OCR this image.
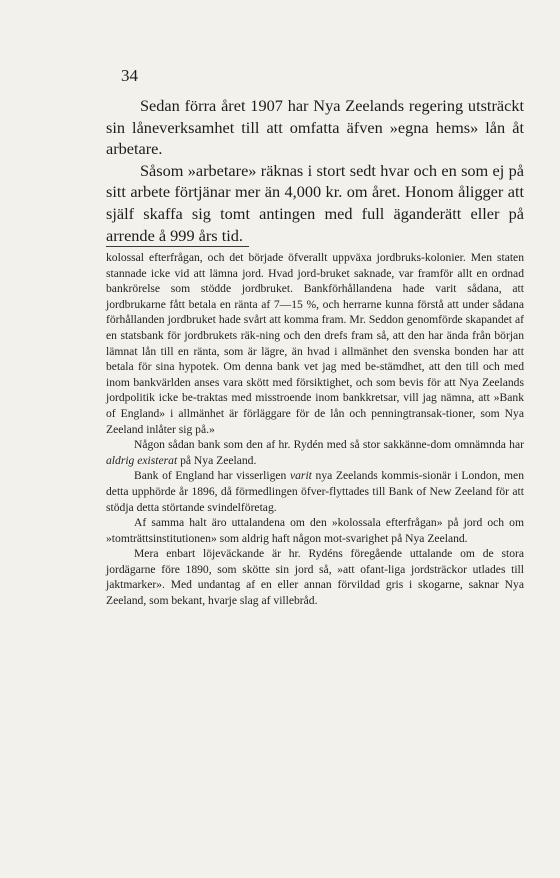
34

Sedan förra året 1907 har Nya Zeelands regering utsträckt sin låneverksamhet till att omfatta äfven »egna hems» lån åt arbetare.

Såsom »arbetare» räknas i stort sedt hvar och en som ej på sitt arbete förtjänar mer än 4,000 kr. om året. Honom åligger att själf skaffa sig tomt antingen med full äganderätt eller på arrende å 999 års tid.

kolossal efterfrågan, och det började öfverallt uppväxa jordbruks-kolonier. Men staten stannade icke vid att lämna jord. Hvad jord-bruket saknade, var framför allt en ordnad bankrörelse som stödde jordbruket. Bankförhållandena hade varit sådana, att jordbrukarne fått betala en ränta af 7—15 %, och herrarne kunna förstå att under sådana förhållanden jordbruket hade svårt att komma fram. Mr. Seddon genomförde skapandet af en statsbank för jordbrukets räk-ning och den drefs fram så, att den har ända från början lämnat lån till en ränta, som är lägre, än hvad i allmänhet den svenska bonden har att betala för sina hypotek. Om denna bank vet jag med be-stämdhet, att den till och med inom bankvärlden anses vara skött med försiktighet, och som bevis för att Nya Zeelands jordpolitik icke be-traktas med misstroende inom bankkretsar, vill jag nämna, att »Bank of England» i allmänhet är förläggare för de lån och penningtransak-tioner, som Nya Zeeland inlåter sig på.»

Någon sådan bank som den af hr. Rydén med så stor sakkänne-dom omnämnda har aldrig existerat på Nya Zeeland.

Bank of England har visserligen varit nya Zeelands kommis-sionär i London, men detta upphörde år 1896, då förmedlingen öfver-flyttades till Bank of New Zeeland för att stödja detta störtande svindelföretag.

Af samma halt äro uttalandena om den »kolossala efterfrågan» på jord och om »tomträttsinstitutionen» som aldrig haft någon mot-svarighet på Nya Zeeland.

Mera enbart löjeväckande är hr. Rydéns föregående uttalande om de stora jordägarne före 1890, som skötte sin jord så, »att ofant-liga jordsträckor utlades till jaktmarker». Med undantag af en eller annan förvildad gris i skogarne, saknar Nya Zeeland, som bekant, hvarje slag af villebråd.
